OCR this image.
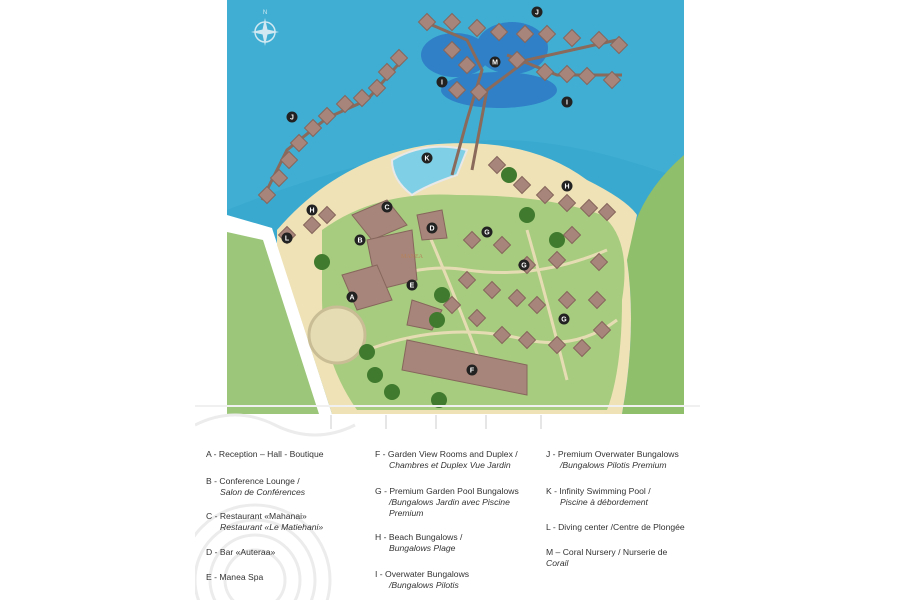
N
MANEA
J
J
M
I
I
K
C
B
D
H
H
L
G
G
G
E
A
F
A - Reception – Hall - Boutique
B - Conference Lounge /
Salon de Conférences
C - Restaurant «Mahanai»
Restaurant «Le Matiehani»
D - Bar «Auteraa»
E - Manea Spa
F - Garden View Rooms and Duplex /
Chambres et Duplex Vue Jardin
G - Premium Garden Pool Bungalows
/Bungalows Jardin avec Piscine Premium
H - Beach Bungalows /
Bungalows Plage
I - Overwater Bungalows
/Bungalows Pilotis
J - Premium Overwater Bungalows
/Bungalows Pilotis Premium
K - Infinity Swimming Pool /
Piscine à débordement
L - Diving center /Centre de Plongée
M – Coral Nursery / Nurserie de
Corail
